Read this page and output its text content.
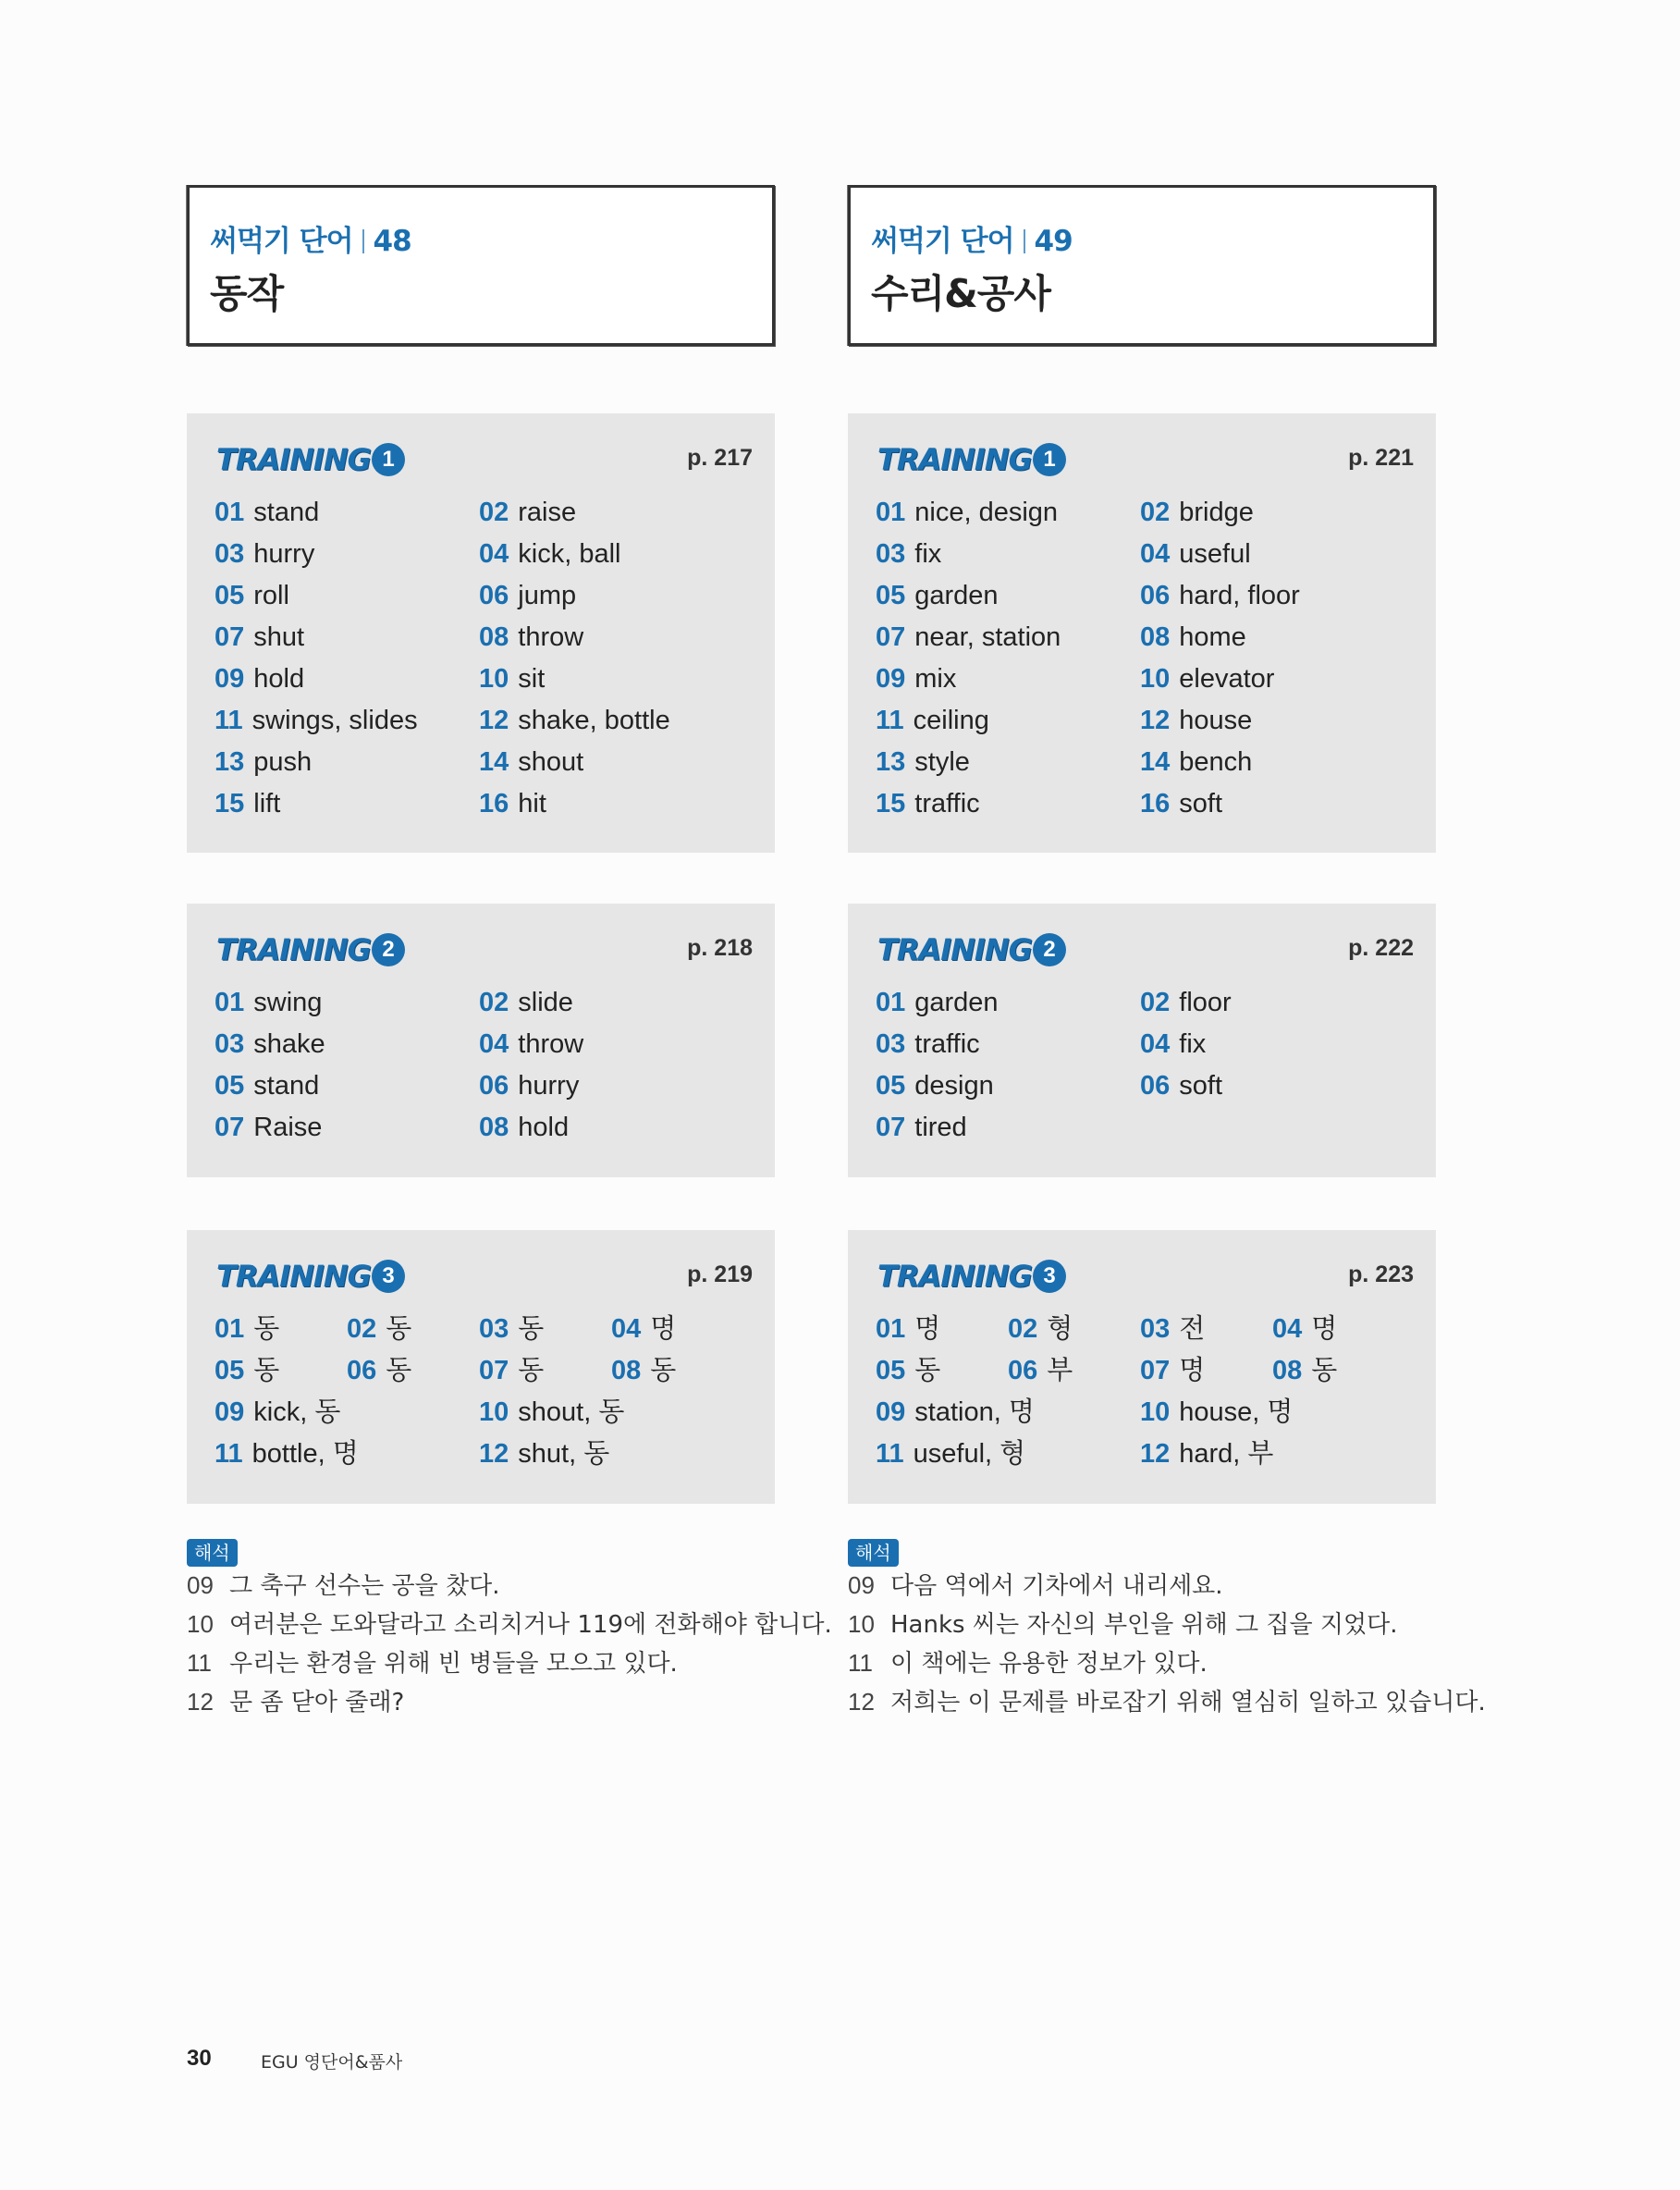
써먹기 단어 48
동작
TRAINING 1	p. 217
01 stand	02 raise
03 hurry	04 kick, ball
05 roll	06 jump
07 shut	08 throw
09 hold	10 sit
11 swings, slides 12 shake, bottle
13 push	14 shout
15 lift	16 hit
TRAINING 2	p. 218
01 swing	02 slide
03 shake	04 throw
05 stand	06 hurry
07 Raise	08 hold
TRAINING 3	p. 219
01 동	02 동	03 동	04 명
05 동	06 동	07 동	08 동
09 kick, 동	10 shout, 동
11 bottle, 명	12 shut, 동
해석
09 그 축구 선수는 공을 찼다.
10 여러분은 도와달라고 소리치거나 119에 전화해야 합니다.
11 우리는 환경을 위해 빈 병들을 모으고 있다.
12 문 좀 닫아 줄래?
써먹기 단어 49
수리&공사
TRAINING 1	p. 221
01 nice, design	02 bridge
03 fix	04 useful
05 garden	06 hard, floor
07 near, station	08 home
09 mix	10 elevator
11 ceiling	12 house
13 style	14 bench
15 traffic	16 soft
TRAINING 2	p. 222
01 garden	02 floor
03 traffic	04 fix
05 design	06 soft
07 tired
TRAINING 3	p. 223
01 명	02 형	03 전	04 명
05 동	06 부	07 명	08 동
09 station, 명	10 house, 명
11 useful, 형	12 hard, 부
해석
09 다음 역에서 기차에서 내리세요.
10 Hanks 씨는 자신의 부인을 위해 그 집을 지었다.
11 이 책에는 유용한 정보가 있다.
12 저희는 이 문제를 바로잡기 위해 열심히 일하고 있습니다.
30	EGU 영단어&품사
